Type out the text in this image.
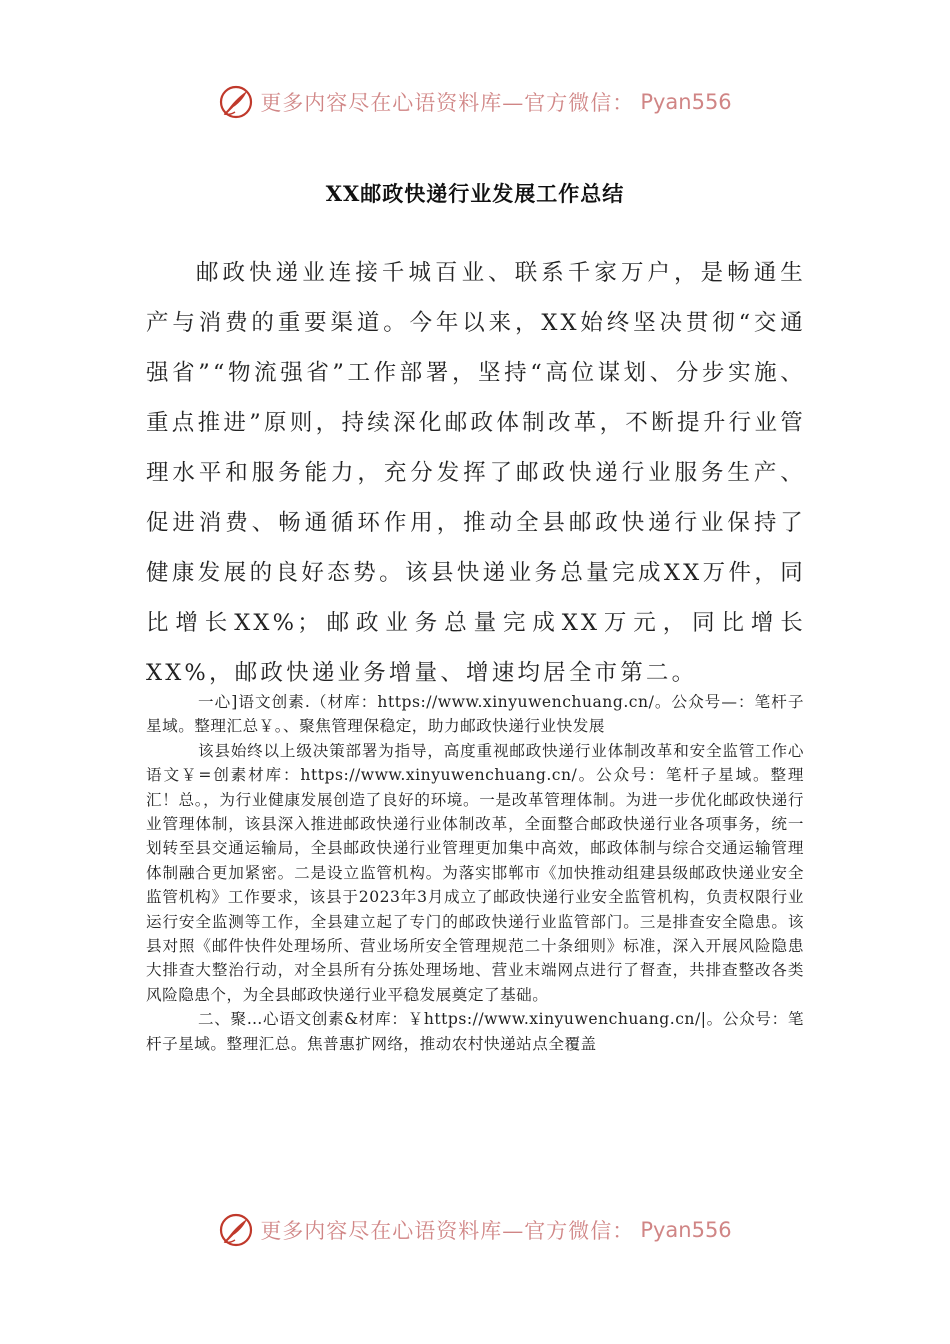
更多内容尽在心语资料库—官方微信： Pyan556
XX邮政快递行业发展工作总结

邮政快递业连接千城百业、联系千家万户，是畅通生产与消费的重要渠道。今年以来，XX始终坚决贯彻“交通强省”“物流强省”工作部署，坚持“高位谋划、分步实施、重点推进”原则，持续深化邮政体制改革，不断提升行业管理水平和服务能力，充分发挥了邮政快递行业服务生产、促进消费、畅通循环作用，推动全县邮政快递行业保持了健康发展的良好态势。该县快递业务总量完成XX万件，同比增长XX%；邮政业务总量完成XX万元，同比增长XX%，邮政快递业务增量、增速均居全市第二。

一心]语文创素.（材库：https://www.xinyuwenchuang.cn/。公众号—：笔杆子星域。整理汇总￥。、聚焦管理保稳定，助力邮政快递行业快发展

该县始终以上级决策部署为指导，高度重视邮政快递行业体制改革和安全监管工作心语文￥=创素材库：https://www.xinyuwenchuang.cn/。公众号：笔杆子星域。整理汇！总。，为行业健康发展创造了良好的环境。一是改革管理体制。为进一步优化邮政快递行业管理体制，该县深入推进邮政快递行业体制改革，全面整合邮政快递行业各项事务，统一划转至县交通运输局，全县邮政快递行业管理更加集中高效，邮政体制与综合交通运输管理体制融合更加紧密。二是设立监管机构。为落实邯郸市《加快推动组建县级邮政快递业安全监管机构》工作要求，该县于2023年3月成立了邮政快递行业安全监管机构，负责权限行业运行安全监测等工作，全县建立起了专门的邮政快递行业监管部门。三是排查安全隐患。该县对照《邮件快件处理场所、营业场所安全管理规范二十条细则》标准，深入开展风险隐患大排查大整治行动，对全县所有分拣处理场地、营业末端网点进行了督查，共排查整改各类风险隐患个，为全县邮政快递行业平稳发展奠定了基础。

二、聚…心语文创素&材库：￥https://www.xinyuwenchuang.cn/|。公众号：笔杆子星域。整理汇总。焦普惠扩网络，推动农村快递站点全覆盖

更多内容尽在心语资料库—官方微信： Pyan556
